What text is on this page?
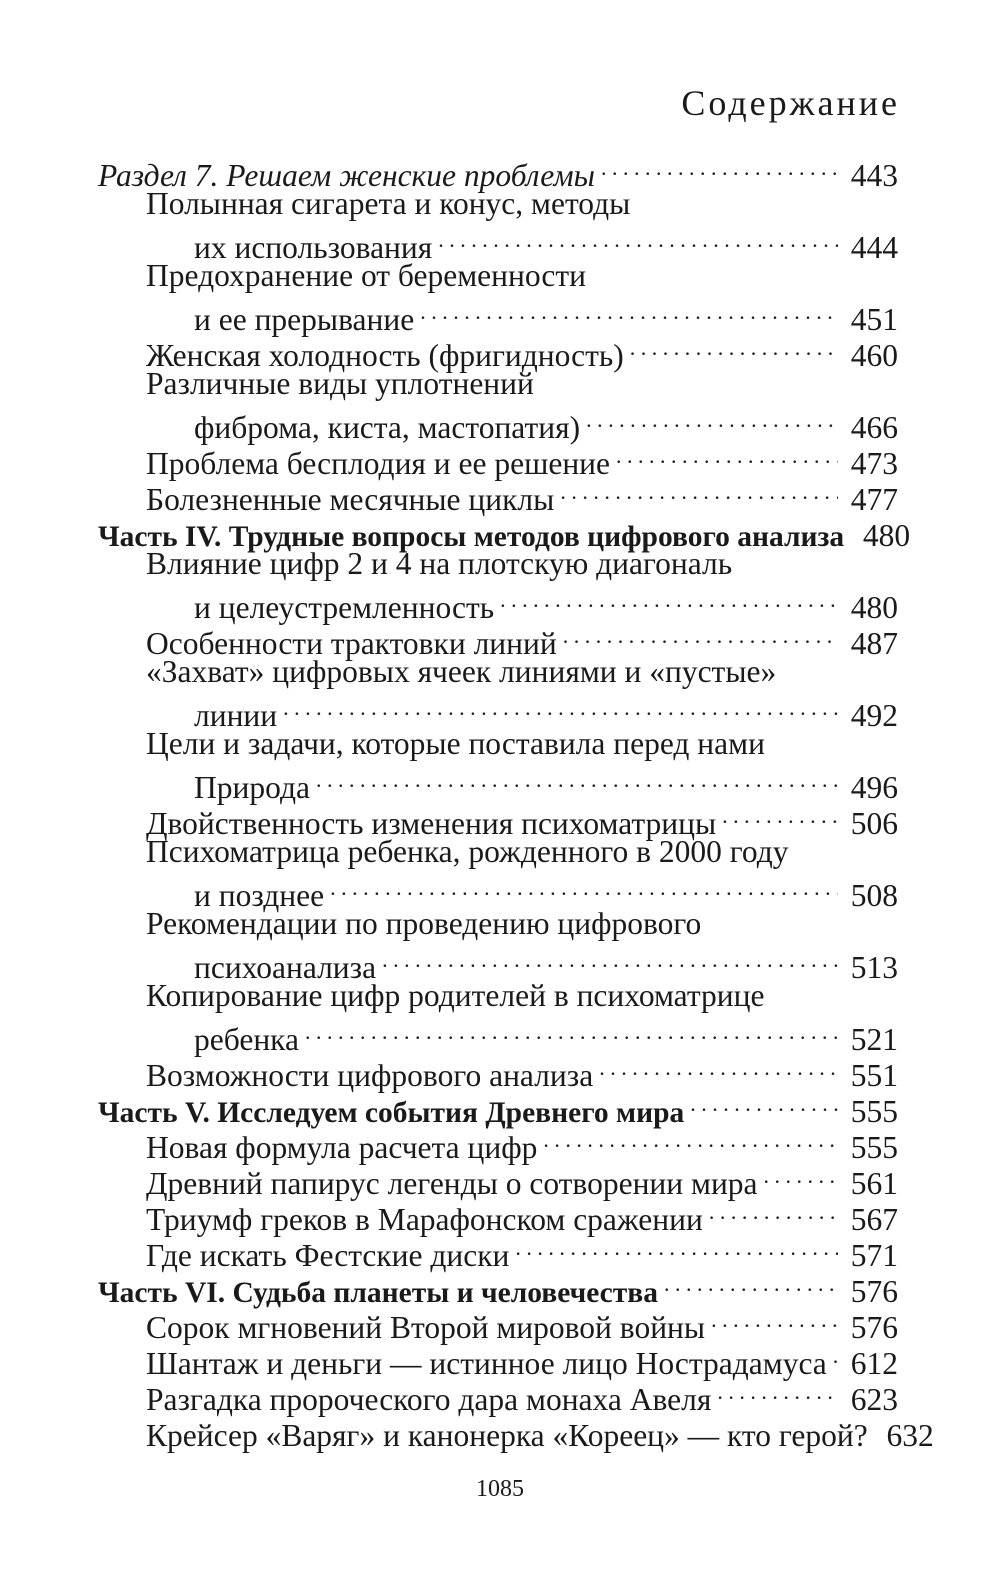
Содержание
Раздел 7. Решаем женские проблемы . . .	443
Полынная сигарета и конус, методы
их использования . . .	444
Предохранение от беременности
и ее прерывание . . .	451
Женская холодность (фригидность) . . .	460
Различные виды уплотнений
фиброма, киста, мастопатия) . . .	466
Проблема бесплодия и ее решение . . .	473
Болезненные месячные циклы . . .	477
Часть IV. Трудные вопросы методов цифрового анализа 480
Влияние цифр 2 и 4 на плотскую диагональ
и целеустремленность . . .	480
Особенности трактовки линий . . .	487
«Захват» цифровых ячеек линиями и «пустые»
линии . . .	492
Цели и задачи, которые поставила перед нами
Природа . . .	496
Двойственность изменения психоматрицы . . .	506
Психоматрица ребенка, рожденного в 2000 году
и позднее . . .	508
Рекомендации по проведению цифрового
психоанализа . . .	513
Копирование цифр родителей в психоматрице
ребенка . . .	521
Возможности цифрового анализа . . .	551
Часть V. Исследуем события Древнего мира . . .	555
Новая формула расчета цифр . . .	555
Древний папирус легенды о сотворении мира . . .	561
Триумф греков в Марафонском сражении . . .	567
Где искать Фестские диски . . .	571
Часть VI. Судьба планеты и человечества . . .	576
Сорок мгновений Второй мировой войны . . .	576
Шантаж и деньги — истинное лицо Нострадамуса . . . 612
Разгадка пророческого дара монаха Авеля . . .	623
Крейсер «Варяг» и канонерка «Кореец» — кто герой? 632
1085
